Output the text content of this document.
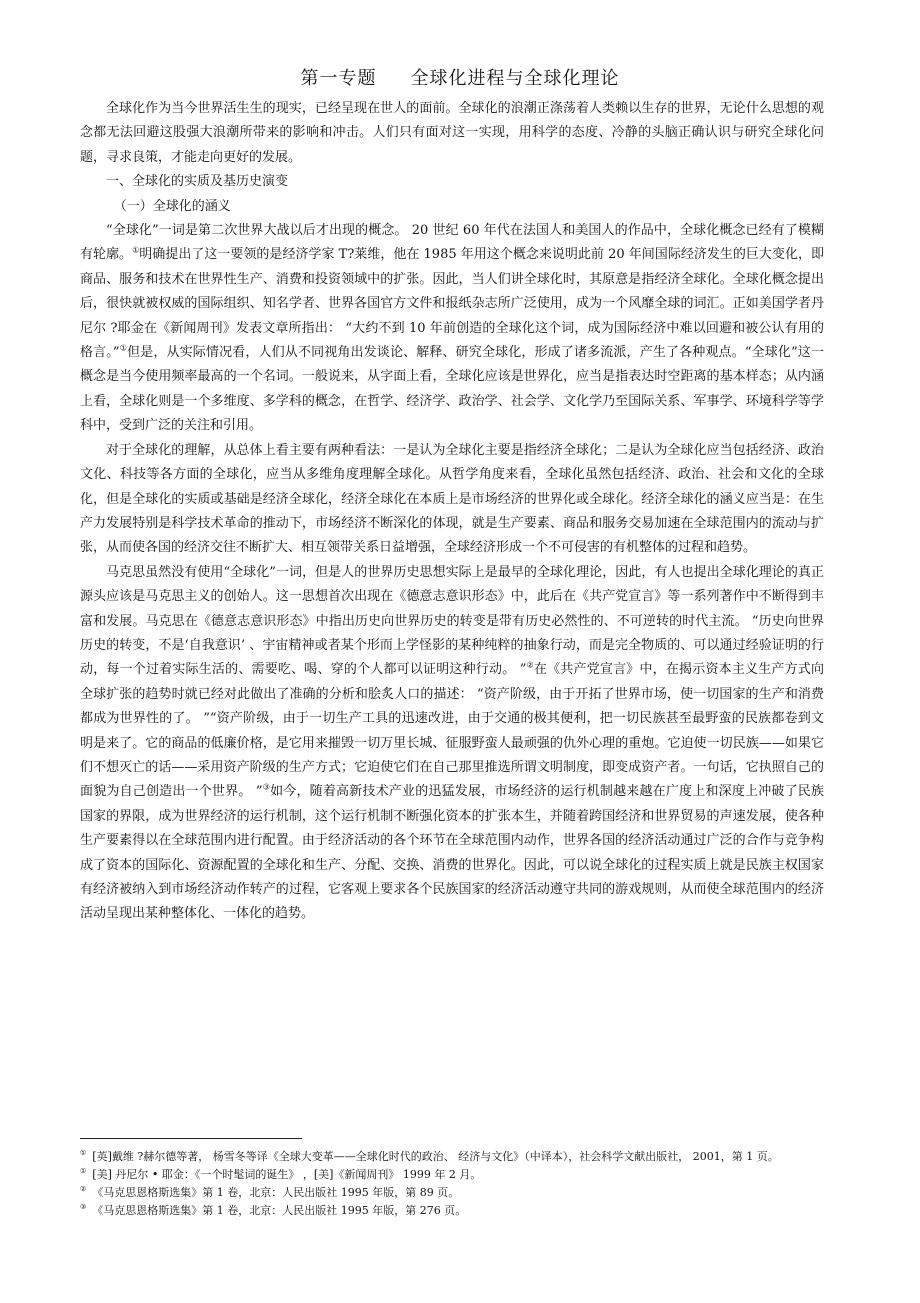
第一专题 全球化进程与全球化理论

全球化作为当今世界活生生的现实，已经呈现在世人的面前。全球化的浪潮正涤荡着人类赖以生存的世界，无论什么思想的观念都无法回避这股强大浪潮所带来的影响和冲击。人们只有面对这一实现，用科学的态度、冷静的头脑正确认识与研究全球化问题，寻求良策，才能走向更好的发展。

一、全球化的实质及基历史演变

（一）全球化的涵义

“全球化”一词是第二次世界大战以后才出现的概念。 20 世纪 60 年代在法国人和美国人的作品中，全球化概念已经有了模糊有轮廓。①明确提出了这一要领的是经济学家 T?莱维，他在 1985 年用这个概念来说明此前 20 年间国际经济发生的巨大变化，即商品、服务和技术在世界性生产、消费和投资领域中的扩张。因此，当人们讲全球化时，其原意是指经济全球化。全球化概念提出后，很快就被权威的国际组织、知名学者、世界各国官方文件和报纸杂志所广泛使用，成为一个风靡全球的词汇。正如美国学者丹尼尔 ?耶金在《新闻周刊》发表文章所指出： “大约不到 10 年前创造的全球化这个词，成为国际经济中难以回避和被公认有用的格言。”①但是，从实际情况看，人们从不同视角出发谈论、解释、研究全球化，形成了诸多流派，产生了各种观点。“全球化”这一概念是当今使用频率最高的一个名词。一般说来，从字面上看，全球化应该是世界化，应当是指表达时空距离的基本样态；从内涵上看，全球化则是一个多维度、多学科的概念，在哲学、经济学、政治学、社会学、文化学乃至国际关系、军事学、环境科学等学科中，受到广泛的关注和引用。

对于全球化的理解，从总体上看主要有两种看法：一是认为全球化主要是指经济全球化；二是认为全球化应当包括经济、政治文化、科技等各方面的全球化，应当从多维角度理解全球化。从哲学角度来看，全球化虽然包括经济、政治、社会和文化的全球化，但是全球化的实质或基础是经济全球化，经济全球化在本质上是市场经济的世界化或全球化。经济全球化的涵义应当是：在生产力发展特别是科学技术革命的推动下，市场经济不断深化的体现，就是生产要素、商品和服务交易加速在全球范围内的流动与扩张，从而使各国的经济交往不断扩大、相互领带关系日益增强，全球经济形成一个不可侵害的有机整体的过程和趋势。

马克思虽然没有使用“全球化”一词，但是人的世界历史思想实际上是最早的全球化理论，因此，有人也提出全球化理论的真正源头应该是马克思主义的创始人。这一思想首次出现在《德意志意识形态》中，此后在《共产党宣言》等一系列著作中不断得到丰富和发展。马克思在《德意志意识形态》中指出历史向世界历史的转变是带有历史必然性的、不可逆转的时代主流。 “历史向世界历史的转变，不是‘自我意识’ 、宇宙精神或者某个形而上学怪影的某种纯粹的抽象行动，而是完全物质的、可以通过经验证明的行动，每一个过着实际生活的、需要吃、喝、穿的个人都可以证明这种行动。 ”②在《共产党宣言》中，在揭示资本主义生产方式向全球扩张的趋势时就已经对此做出了准确的分析和脍炙人口的描述： “资产阶级，由于开拓了世界市场，使一切国家的生产和消费都成为世界性的了。 ”“资产阶级，由于一切生产工具的迅速改进，由于交通的极其便利，把一切民族甚至最野蛮的民族都卷到文明是来了。它的商品的低廉价格，是它用来摧毁一切万里长城、征服野蛮人最顽强的仇外心理的重炮。它迫使一切民族——如果它们不想灭亡的话——采用资产阶级的生产方式；它迫使它们在自己那里推选所谓文明制度，即变成资产者。一句话，它执照自己的面貌为自己创造出一个世界。 ”③如今，随着高新技术产业的迅猛发展，市场经济的运行机制越来越在广度上和深度上冲破了民族国家的界限，成为世界经济的运行机制，这个运行机制不断强化资本的扩张本生，并随着跨国经济和世界贸易的声速发展，使各种生产要素得以在全球范围内进行配置。由于经济活动的各个环节在全球范围内动作，世界各国的经济活动通过广泛的合作与竞争构成了资本的国际化、资源配置的全球化和生产、分配、交换、消费的世界化。因此，可以说全球化的过程实质上就是民族主权国家有经济被纳入到市场经济动作转产的过程，它客观上要求各个民族国家的经济活动遵守共同的游戏规则，从而使全球范围内的经济活动呈现出某种整体化、一体化的趋势。

① [英]戴维 ?赫尔德等著， 杨雪冬等译《全球大变革——全球化时代的政治、 经济与文化》（中译本），社会科学文献出版社， 2001，第 1 页。

① [美] 丹尼尔 • 耶金：《一个时髦词的诞生》 ，[美]《新闻周刊》 1999 年 2 月。

② 《马克思恩格斯选集》第 1 卷，北京：人民出版社 1995 年版，第 89 页。

③ 《马克思恩格斯选集》第 1 卷，北京：人民出版社 1995 年版，第 276 页。
